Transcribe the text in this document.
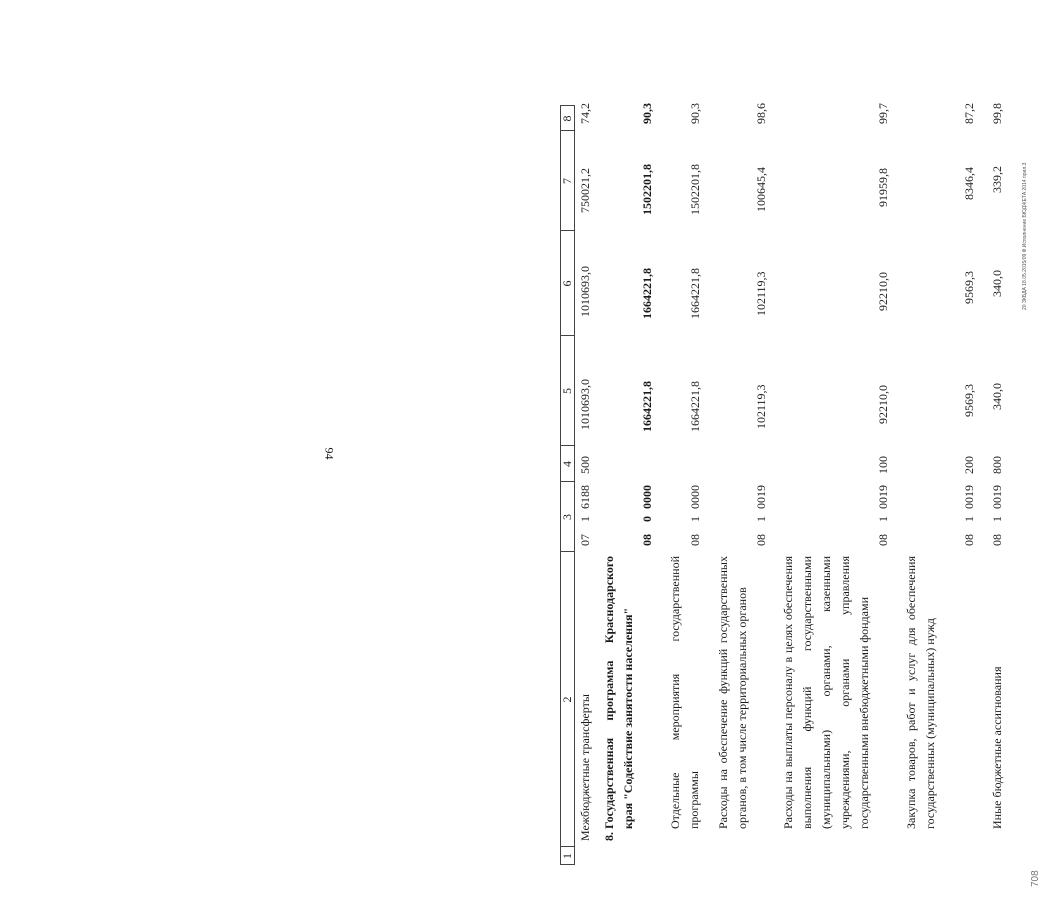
94
1
2
3
4
5
6
7
8
Межбюджетные трансферты
07
1
6188
500
1010693,0
1010693,0
750021,2
74,2
8.
Государственная программа Краснодарского края "Содействие занятости населения"
08
0
0000
1664221,8
1664221,8
1502201,8
90,3
Отдельные мероприятия государственной программы
08
1
0000
1664221,8
1664221,8
1502201,8
90,3
Расходы на обеспечение функций государственных органов, в том числе территориальных органов
08
1
0019
102119,3
102119,3
100645,4
98,6
Расходы на выплаты персоналу в целях обеспечения выполнения функций государственными (муниципальными) органами, казенными учреждениями, органами управления государственными внебюджетными фондами
08
1
0019
100
92210,0
92210,0
91959,8
99,7
Закупка товаров, работ и услуг для обеспечения государственных (муниципальных) нужд
08
1
0019
200
9569,3
9569,3
8346,4
87,2
Иные бюджетные ассигнования
08
1
0019
800
340,0
340,0
339,2
99,8
20 ЗКБДА 18.05.2015/09 Ф.Исполнение БЮДЖЕТА 2014 прил.3
708
